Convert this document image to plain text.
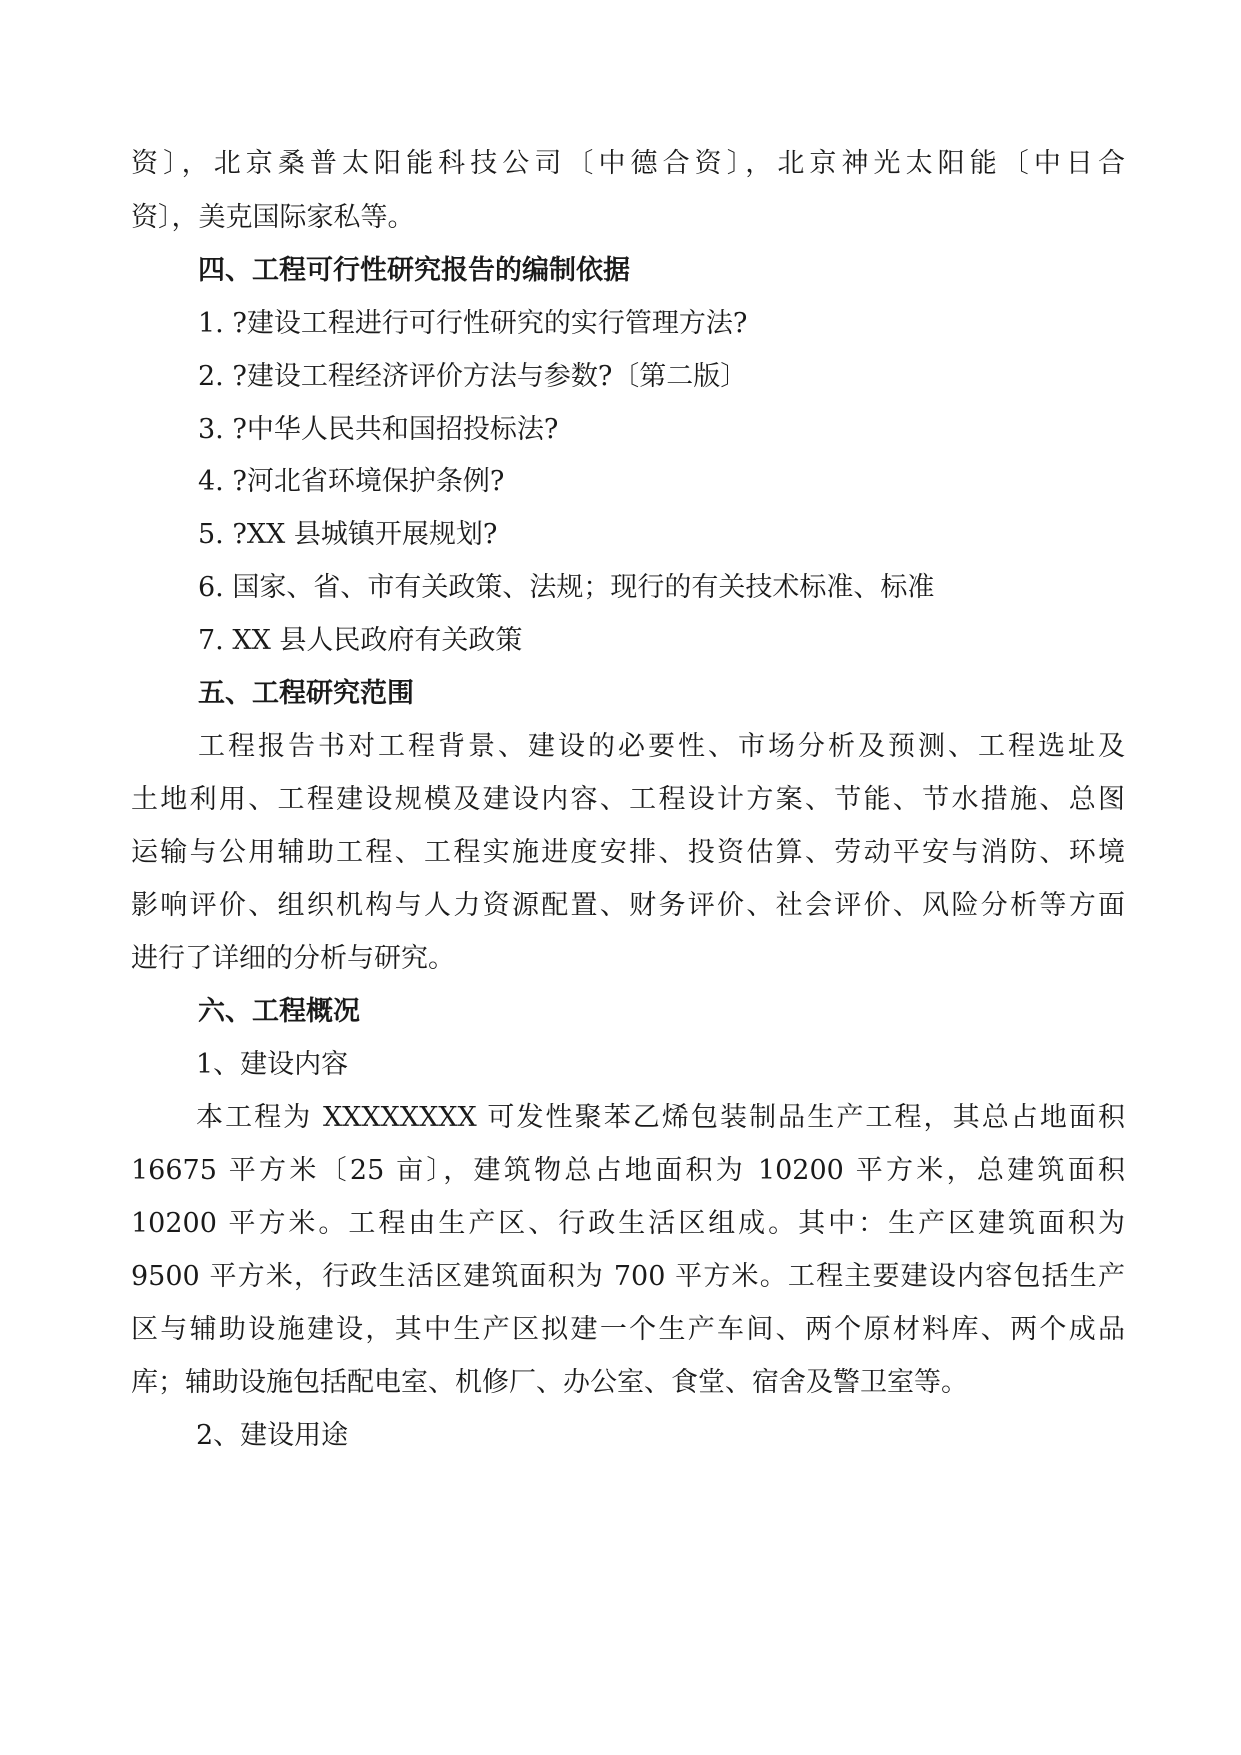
资〕，北京桑普太阳能科技公司〔中德合资〕，北京神光太阳能〔中日合

资〕，美克国际家私等。

四、工程可行性研究报告的编制依据

1. ?建设工程进行可行性研究的实行管理方法?

2. ?建设工程经济评价方法与参数?〔第二版〕

3. ?中华人民共和国招投标法?

4. ?河北省环境保护条例?

5. ?XX 县城镇开展规划?

6. 国家、省、市有关政策、法规；现行的有关技术标准、标准

7. XX 县人民政府有关政策

五、工程研究范围

工程报告书对工程背景、建设的必要性、市场分析及预测、工程选址及

土地利用、工程建设规模及建设内容、工程设计方案、节能、节水措施、总图

运输与公用辅助工程、工程实施进度安排、投资估算、劳动平安与消防、环境

影响评价、组织机构与人力资源配置、财务评价、社会评价、风险分析等方面

进行了详细的分析与研究。

六、工程概况

1、建设内容

本工程为 XXXXXXXX 可发性聚苯乙烯包装制品生产工程，其总占地面积

16675 平方米〔25 亩〕，建筑物总占地面积为 10200 平方米，总建筑面积

10200 平方米。工程由生产区、行政生活区组成。其中：生产区建筑面积为

9500 平方米，行政生活区建筑面积为 700 平方米。工程主要建设内容包括生产

区与辅助设施建设，其中生产区拟建一个生产车间、两个原材料库、两个成品

库；辅助设施包括配电室、机修厂、办公室、食堂、宿舍及警卫室等。

2、建设用途
